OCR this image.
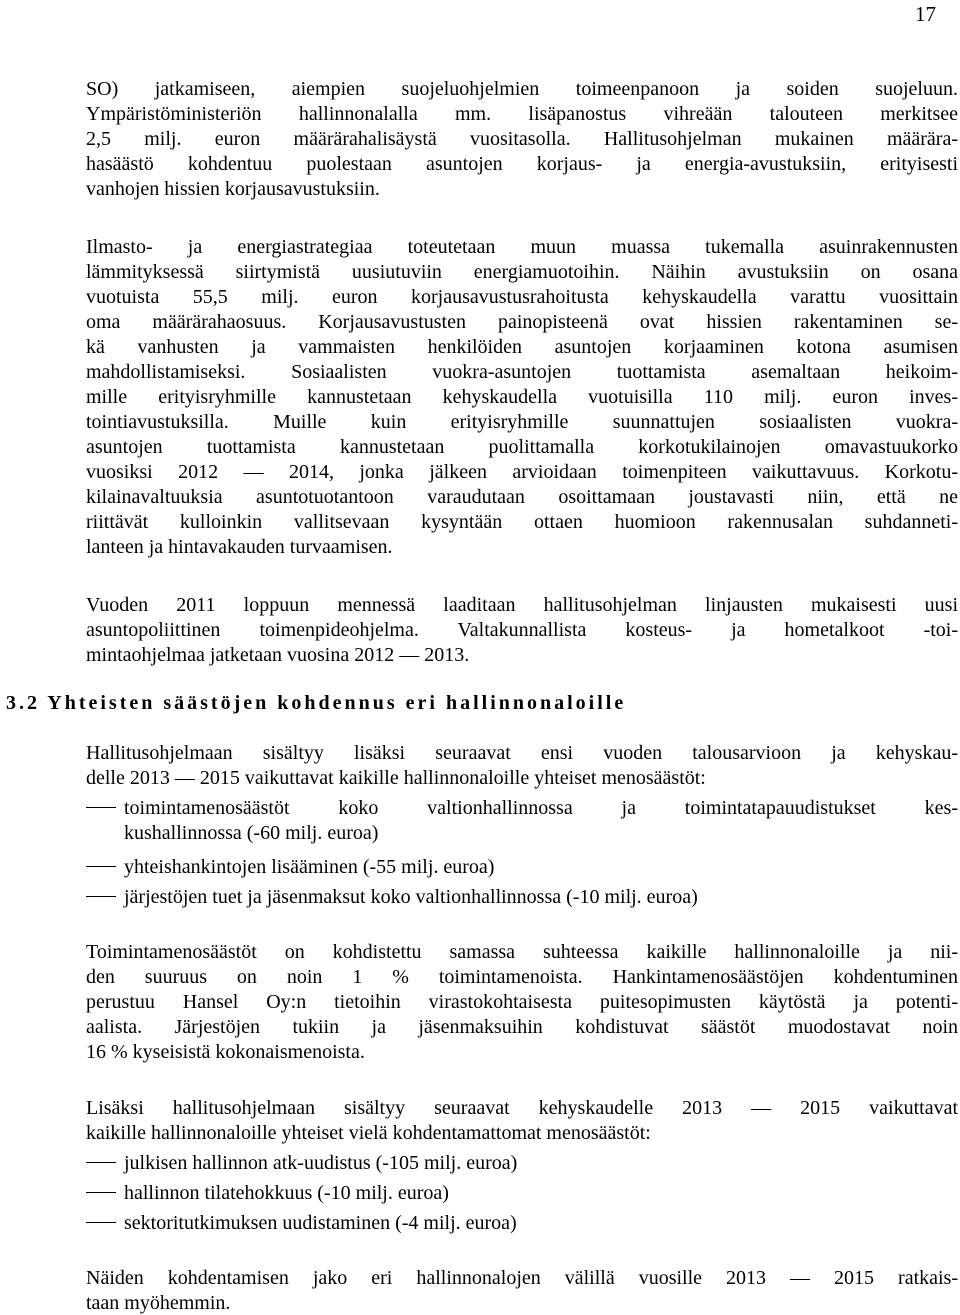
17
SO) jatkamiseen, aiempien suojeluohjelmien toimeenpanoon ja soiden suojeluun.
Ympäristöministeriön hallinnonalalla mm. lisäpanostus vihreään talouteen merkitsee
2,5 milj. euron määrärahalisäystä vuositasolla. Hallitusohjelman mukainen määrära-
hasäästö kohdentuu puolestaan asuntojen korjaus- ja energia-avustuksiin, erityisesti
vanhojen hissien korjausavustuksiin.
Ilmasto- ja energiastrategiaa toteutetaan muun muassa tukemalla asuinrakennusten
lämmityksessä siirtymistä uusiutuviin energiamuotoihin. Näihin avustuksiin on osana
vuotuista 55,5 milj. euron korjausavustusrahoitusta kehyskaudella varattu vuosittain
oma määrärahaosuus. Korjausavustusten painopisteenä ovat hissien rakentaminen se-
kä vanhusten ja vammaisten henkilöiden asuntojen korjaaminen kotona asumisen
mahdollistamiseksi. Sosiaalisten vuokra-asuntojen tuottamista asemaltaan heikoim-
mille erityisryhmille kannustetaan kehyskaudella vuotuisilla 110 milj. euron inves-
tointiavustuksilla. Muille kuin erityisryhmille suunnattujen sosiaalisten vuokra-
asuntojen tuottamista kannustetaan puolittamalla korkotukilainojen omavastuukorko
vuosiksi 2012 — 2014, jonka jälkeen arvioidaan toimenpiteen vaikuttavuus. Korkotu-
kilainavaltuuksia asuntotuotantoon varaudutaan osoittamaan joustavasti niin, että ne
riittävät kulloinkin vallitsevaan kysyntään ottaen huomioon rakennusalan suhdanneti-
lanteen ja hintavakauden turvaamisen.
Vuoden 2011 loppuun mennessä laaditaan hallitusohjelman linjausten mukaisesti uusi
asuntopoliittinen toimenpideohjelma. Valtakunnallista kosteus- ja hometalkoot -toi-
mintaohjelmaa jatketaan vuosina 2012 — 2013.
3.2 Yhteisten säästöjen kohdennus eri hallinnonaloille
Hallitusohjelmaan sisältyy lisäksi seuraavat ensi vuoden talousarvioon ja kehyskau-
delle 2013 — 2015 vaikuttavat kaikille hallinnonaloille yhteiset menosäästöt:
toimintamenosäästöt koko valtionhallinnossa ja toimintatapauudistukset kes-
kushallinnossa (-60 milj. euroa)
yhteishankintojen lisääminen (-55 milj. euroa)
järjestöjen tuet ja jäsenmaksut koko valtionhallinnossa (-10 milj. euroa)
Toimintamenosäästöt on kohdistettu samassa suhteessa kaikille hallinnonaloille ja nii-
den suuruus on noin 1 % toimintamenoista. Hankintamenosäästöjen kohdentuminen
perustuu Hansel Oy:n tietoihin virastokohtaisesta puitesopimusten käytöstä ja potenti-
aalista. Järjestöjen tukiin ja jäsenmaksuihin kohdistuvat säästöt muodostavat noin
16 % kyseisistä kokonaismenoista.
Lisäksi hallitusohjelmaan sisältyy seuraavat kehyskaudelle 2013 — 2015 vaikuttavat
kaikille hallinnonaloille yhteiset vielä kohdentamattomat menosäästöt:
julkisen hallinnon atk-uudistus (-105 milj. euroa)
hallinnon tilatehokkuus (-10 milj. euroa)
sektoritutkimuksen uudistaminen (-4 milj. euroa)
Näiden kohdentamisen jako eri hallinnonalojen välillä vuosille 2013 — 2015 ratkais-
taan myöhemmin.
